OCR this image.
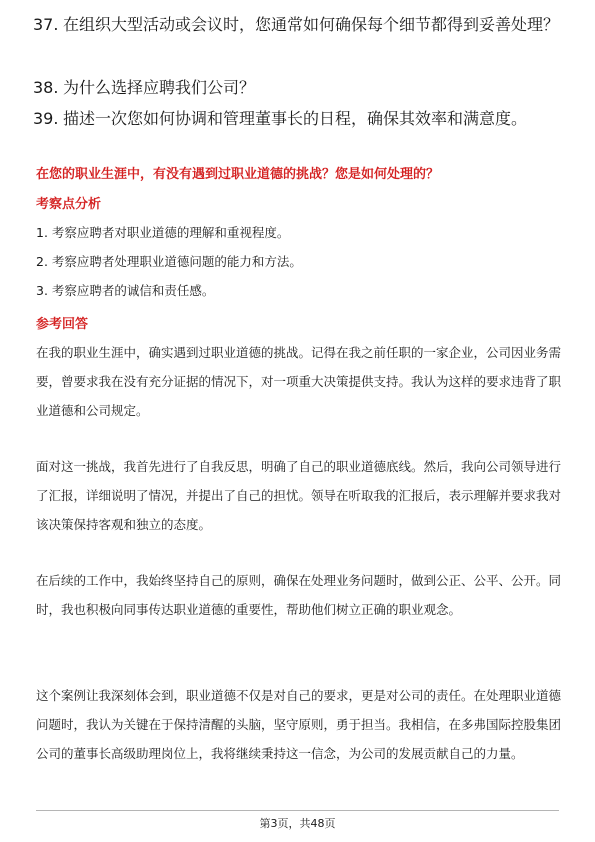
37. 在组织大型活动或会议时，您通常如何确保每个细节都得到妥善处理？
38. 为什么选择应聘我们公司？
39. 描述一次您如何协调和管理董事长的日程，确保其效率和满意度。
在您的职业生涯中，有没有遇到过职业道德的挑战？您是如何处理的？
考察点分析
1. 考察应聘者对职业道德的理解和重视程度。
2. 考察应聘者处理职业道德问题的能力和方法。
3. 考察应聘者的诚信和责任感。
参考回答
在我的职业生涯中，确实遇到过职业道德的挑战。记得在我之前任职的一家企业，公司因业务需要，曾要求我在没有充分证据的情况下，对一项重大决策提供支持。我认为这样的要求违背了职业道德和公司规定。
面对这一挑战，我首先进行了自我反思，明确了自己的职业道德底线。然后，我向公司领导进行了汇报，详细说明了情况，并提出了自己的担忧。领导在听取我的汇报后，表示理解并要求我对该决策保持客观和独立的态度。
在后续的工作中，我始终坚持自己的原则，确保在处理业务问题时，做到公正、公平、公开。同时，我也积极向同事传达职业道德的重要性，帮助他们树立正确的职业观念。
这个案例让我深刻体会到，职业道德不仅是对自己的要求，更是对公司的责任。在处理职业道德问题时，我认为关键在于保持清醒的头脑，坚守原则，勇于担当。我相信，在多弗国际控股集团公司的董事长高级助理岗位上，我将继续秉持这一信念，为公司的发展贡献自己的力量。
第3页，共48页
